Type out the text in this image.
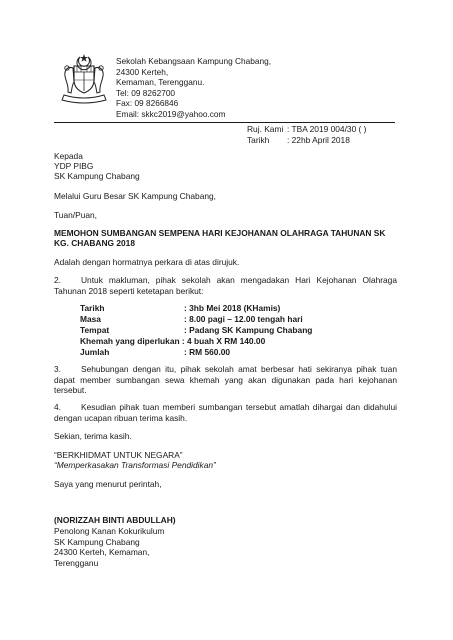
Sekolah Kebangsaan Kampung Chabang,
24300 Kerteh,
Kemaman, Terengganu.
Tel: 09 8262700
Fax: 09 8266846
Email: skkc2019@yahoo.com
Ruj. Kami : TBA 2019 004/30 ( )
Tarikh : 22hb April 2018
Kepada
YDP PIBG
SK Kampung Chabang
Melalui Guru Besar SK Kampung Chabang,
Tuan/Puan,
MEMOHON SUMBANGAN SEMPENA HARI KEJOHANAN OLAHRAGA TAHUNAN SK
KG. CHABANG 2018
Adalah dengan hormatnya perkara di atas dirujuk.
2. Untuk makluman, pihak sekolah akan mengadakan Hari Kejohanan Olahraga Tahunan 2018 seperti ketetapan berikut:
Tarikh	: 3hb Mei 2018 (KHamis)
Masa	: 8.00 pagi – 12.00 tengah hari
Tempat	: Padang SK Kampung Chabang
Khemah yang diperlukan : 4 buah X RM 140.00
Jumlah	: RM 560.00
3. Sehubungan dengan itu, pihak sekolah amat berbesar hati sekiranya pihak tuan dapat member sumbangan sewa khemah yang akan digunakan pada hari kejohanan tersebut.
4. Kesudian pihak tuan memberi sumbangan tersebut amatlah dihargai dan didahului dengan ucapan ribuan terima kasih.
Sekian, terima kasih.
“BERKHIDMAT UNTUK NEGARA”
“Memperkasakan Transformasi Pendidikan”
Saya yang menurut perintah,
(NORIZZAH BINTI ABDULLAH)
Penolong Kanan Kokurikulum
SK Kampung Chabang
24300 Kerteh, Kemaman,
Terengganu
